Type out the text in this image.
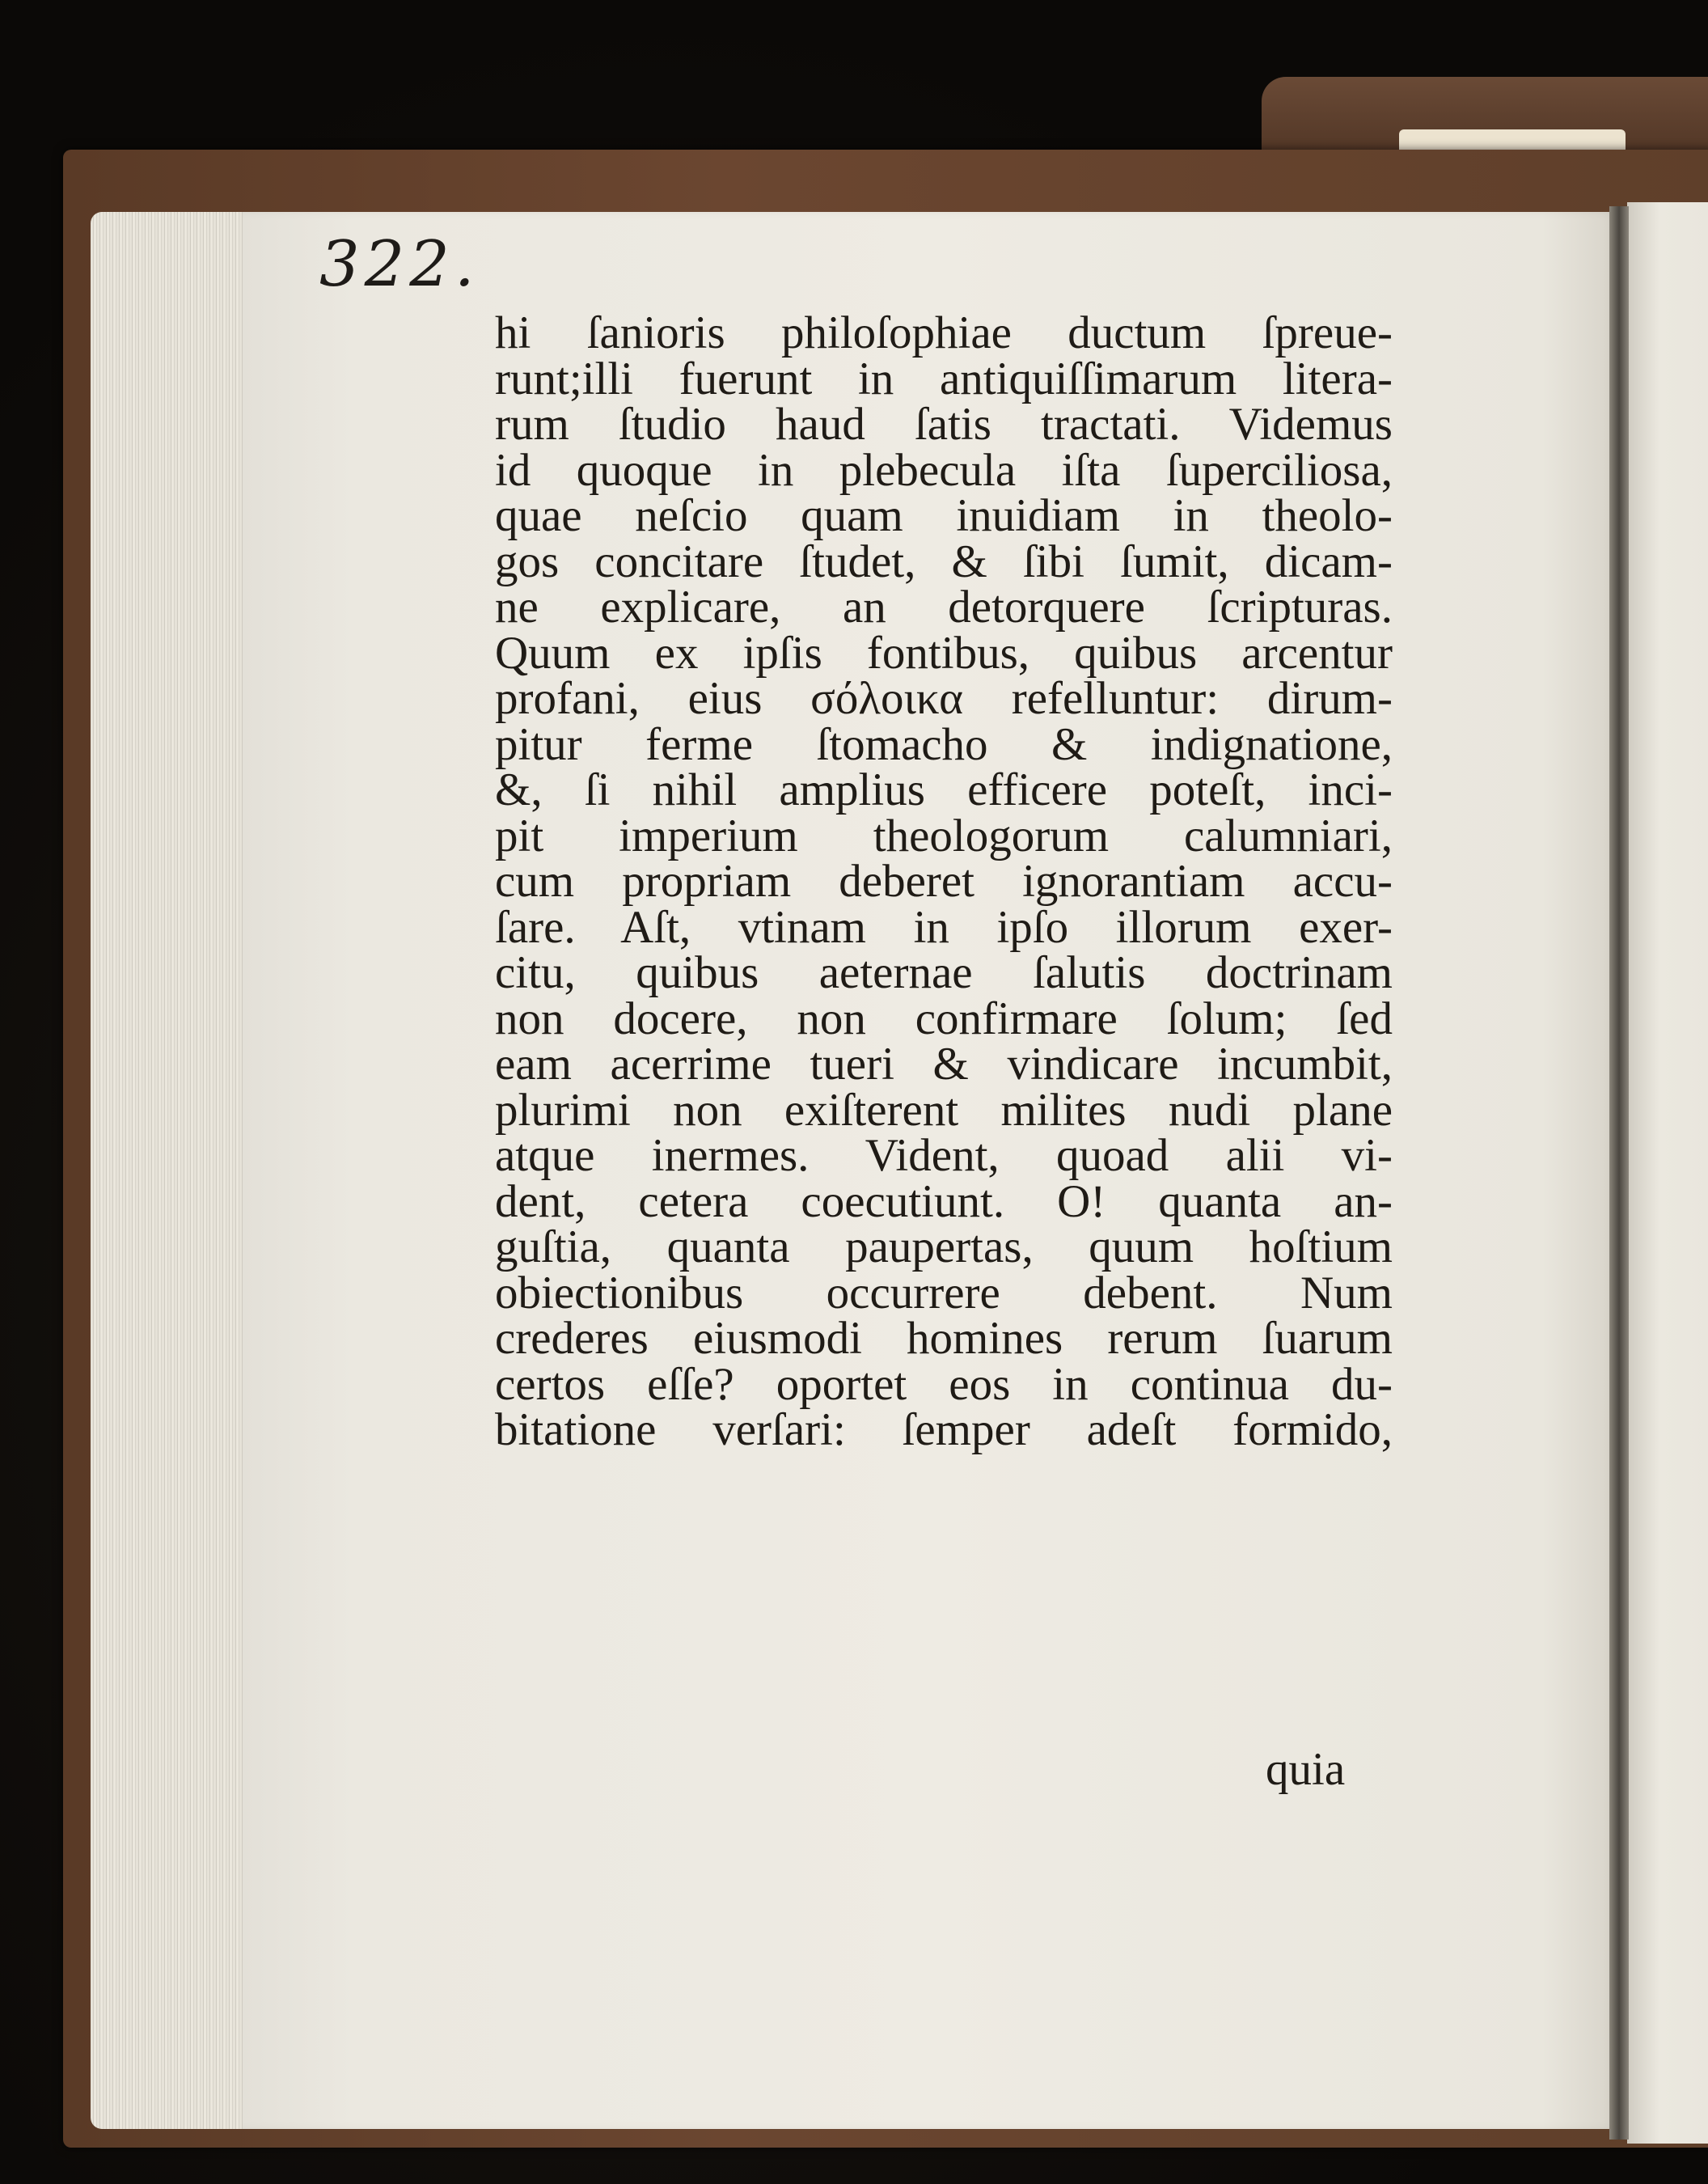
322.
hi ſanioris philoſophiae ductum ſpreue-
runt;illi fuerunt in antiquiſſimarum litera-
rum ſtudio haud ſatis tractati. Videmus
id quoque in plebecula iſta ſuperciliosa,
quae neſcio quam inuidiam in theolo-
gos concitare ſtudet, & ſibi ſumit, dicam-
ne explicare, an detorquere ſcripturas.
Quum ex ipſis fontibus, quibus arcentur
profani, eius σόλοικα refelluntur: dirum-
pitur ferme ſtomacho & indignatione,
&, ſi nihil amplius efficere poteſt, inci-
pit imperium theologorum calumniari,
cum propriam deberet ignorantiam accu-
ſare. Aſt, vtinam in ipſo illorum exer-
citu, quibus aeternae ſalutis doctrinam
non docere, non confirmare ſolum; ſed
eam acerrime tueri & vindicare incumbit,
plurimi non exiſterent milites nudi plane
atque inermes. Vident, quoad alii vi-
dent, cetera coecutiunt. O! quanta an-
guſtia, quanta paupertas, quum hoſtium
obiectionibus occurrere debent. Num
crederes eiusmodi homines rerum ſuarum
certos eſſe? oportet eos in continua du-
bitatione verſari: ſemper adeſt formido,
quia
